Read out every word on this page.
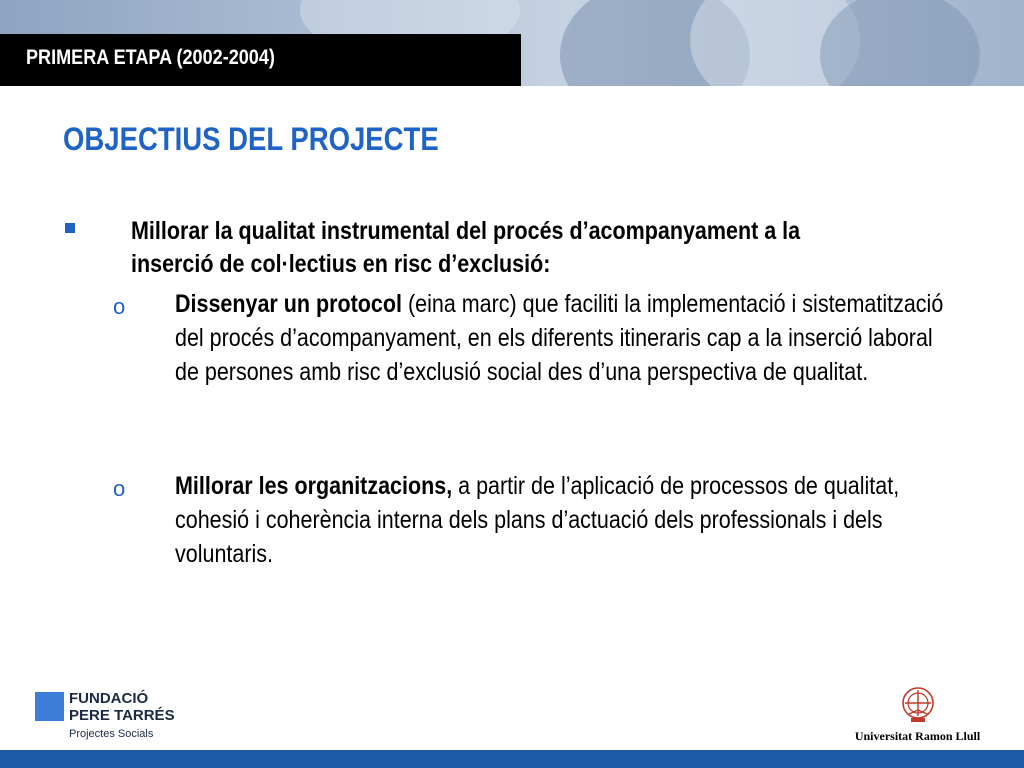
PRIMERA ETAPA (2002-2004)
OBJECTIUS DEL PROJECTE

Millorar la qualitat instrumental del procés d’acompanyament a la inserció de col·lectius en risc d’exclusió:

o Dissenyar un protocol (eina marc) que faciliti la implementació i sistematització del procés d’acompanyament, en els diferents itineraris cap a la inserció laboral de persones amb risc d’exclusió social des d’una perspectiva de qualitat.

o Millorar les organitzacions, a partir de l’aplicació de processos de qualitat, cohesió i coherència interna dels plans d’actuació dels professionals i dels voluntaris.

FUNDACIÓ
PERE TARRÉS
Projectes Socials	Universitat Ramon Llull
